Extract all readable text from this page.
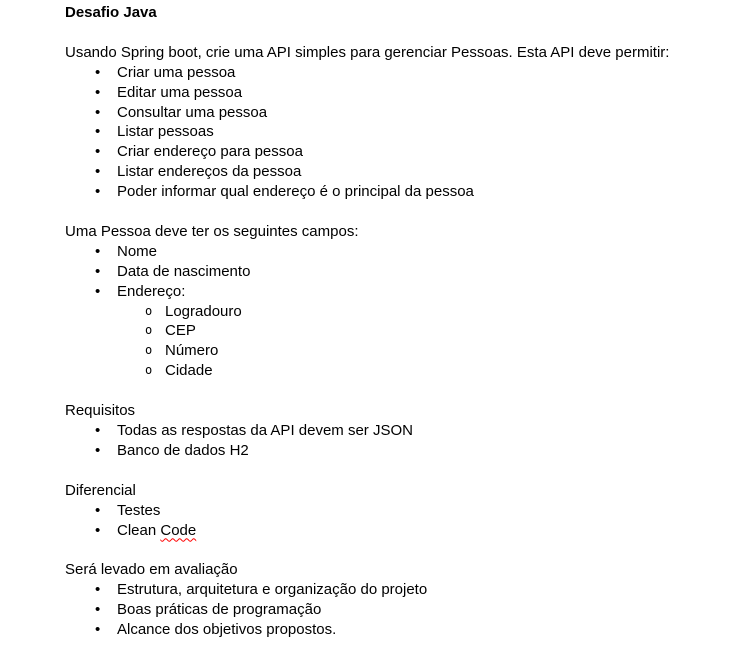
Desafio Java

Usando Spring boot, crie uma API simples para gerenciar Pessoas. Esta API deve permitir:

•	Criar uma pessoa
•	Editar uma pessoa
•	Consultar uma pessoa
•	Listar pessoas
•	Criar endereço para pessoa
•	Listar endereços da pessoa
•	Poder informar qual endereço é o principal da pessoa

Uma Pessoa deve ter os seguintes campos:

•	Nome
•	Data de nascimento
•	Endereço:
o Logradouro
o CEP
o Número
o Cidade

Requisitos

•	Todas as respostas da API devem ser JSON
•	Banco de dados H2

Diferencial

•	Testes
•	Clean Code

Será levado em avaliação

•	Estrutura, arquitetura e organização do projeto
•	Boas práticas de programação
•	Alcance dos objetivos propostos.
